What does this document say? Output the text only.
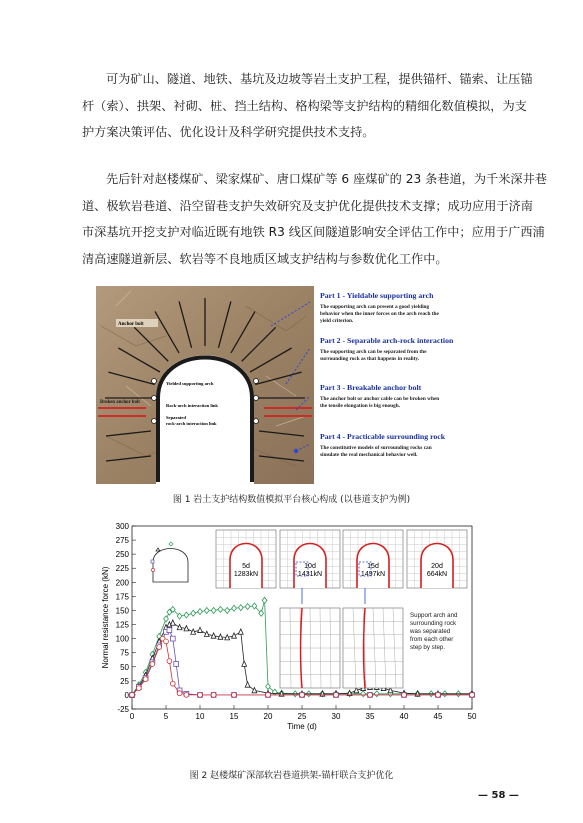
可为矿山、隧道、地铁、基坑及边坡等岩土支护工程，提供锚杆、锚索、让压锚
杆（索）、拱架、衬砌、桩、挡土结构、格构梁等支护结构的精细化数值模拟，为支
护方案决策评估、优化设计及科学研究提供技术支持。

先后针对赵楼煤矿、梁家煤矿、唐口煤矿等 6 座煤矿的 23 条巷道，为千米深井巷
道、极软岩巷道、沿空留巷支护失效研究及支护优化提供技术支撑；成功应用于济南
市深基坑开挖支护对临近既有地铁 R3 线区间隧道影响安全评估工作中；应用于广西浦
清高速隧道新层、软岩等不良地质区域支护结构与参数优化工作中。

Anchor bolt
Yielded supporting arch
Rock-arch interaction link
Separated
rock-arch interaction link
Broken anchor bolt
Part 1 - Yieldable supporting arch
The supporting arch can present a good yielding
behavior when the inner forces on the arch reach the
yield criterion.
Part 2 - Separable arch-rock interaction
The supporting arch can be separated from the
surrounding rock as that happens in reality.
Part 3 - Breakable anchor bolt
The anchor bolt or anchor cable can be broken when
the tensile elongation is big enough.
Part 4 - Practicable surrounding rock
The constitutive models of surrounding rocks can
simulate the real mechanical behavior well.
图 1 岩土支护结构数值模拟平台核心构成 (以巷道支护为例)
-25
0
25
50
75
100
125
150
175
200
225
250
275
300
0	5	10	15	20	25	30	35	40	45	50
Time (d)
Normal resistance force (kN)
5d
1283kN
10d
1431kN
15d
1497kN
20d
664kN
Support arch and
surrounding rock
was separated
from each other
step by step.
图 2 赵楼煤矿深部软岩巷道拱架-锚杆联合支护优化
— 58 —
